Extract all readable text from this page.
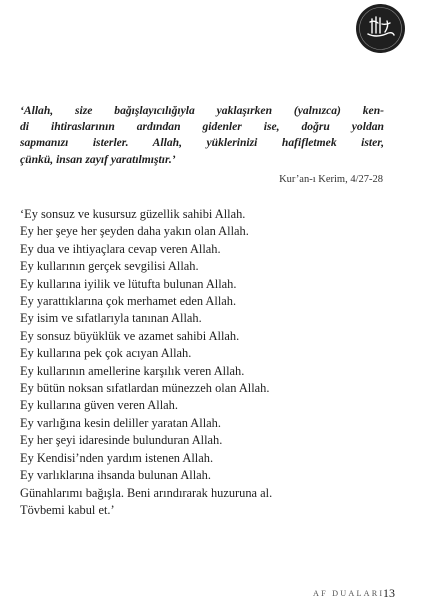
‘Allah, size bağışlayıcılığıyla yaklaşırken (yalnızca) ken-
di ihtiraslarının ardından gidenler ise, doğru yoldan
sapmanızı isterler. Allah, yüklerinizi hafifletmek ister,
çünkü, insan zayıf yaratılmıştır.’
Kur’an-ı Kerim, 4/27-28
‘Ey sonsuz ve kusursuz güzellik sahibi Allah.
Ey her şeye her şeyden daha yakın olan Allah.
Ey dua ve ihtiyaçlara cevap veren Allah.
Ey kullarının gerçek sevgilisi Allah.
Ey kullarına iyilik ve lütufta bulunan Allah.
Ey yarattıklarına çok merhamet eden Allah.
Ey isim ve sıfatlarıyla tanınan Allah.
Ey sonsuz büyüklük ve azamet sahibi Allah.
Ey kullarına pek çok acıyan Allah.
Ey kullarının amellerine karşılık veren Allah.
Ey bütün noksan sıfatlardan münezzeh olan Allah.
Ey kullarına güven veren Allah.
Ey varlığına kesin deliller yaratan Allah.
Ey her şeyi idaresinde bulunduran Allah.
Ey Kendisi’nden yardım istenen Allah.
Ey varlıklarına ihsanda bulunan Allah.
Günahlarımı bağışla. Beni arındırarak huzuruna al.
Tövbemi kabul et.’
AF DUALARI
13
